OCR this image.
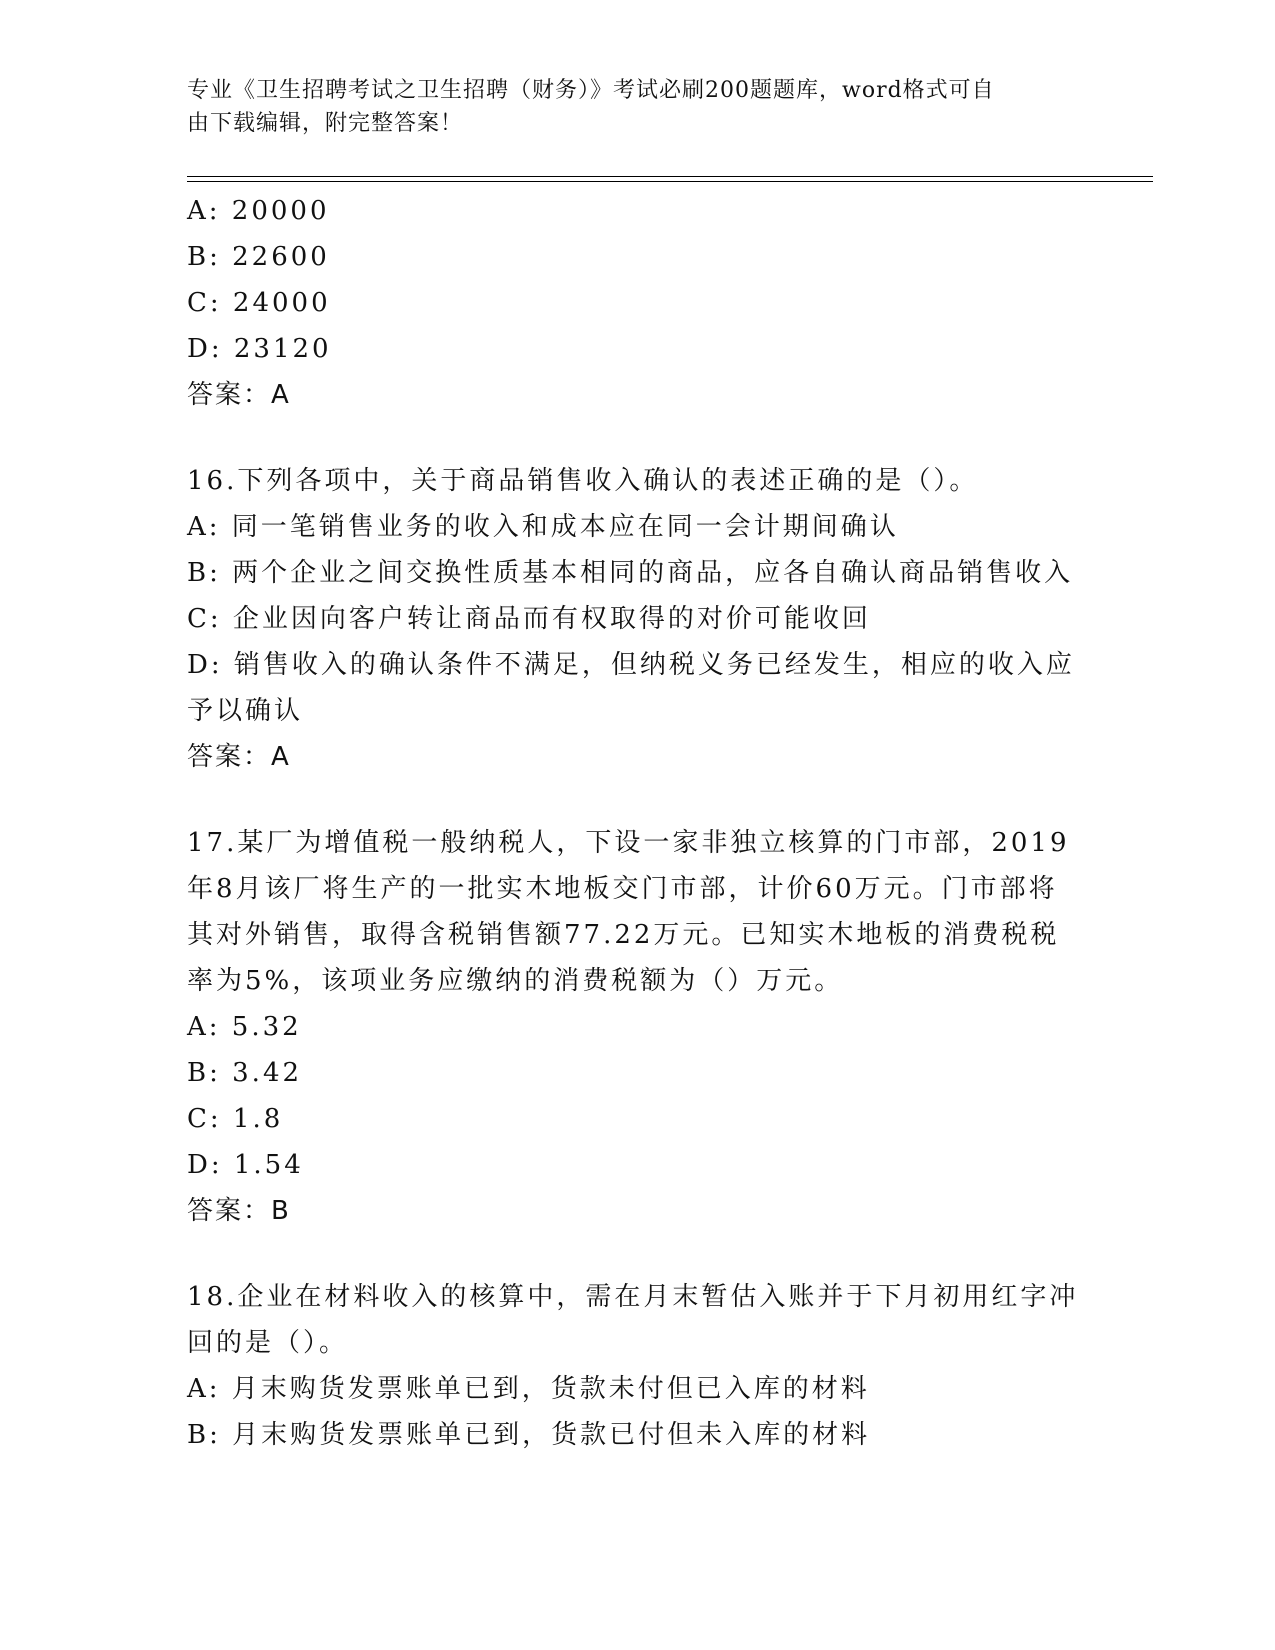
专业《卫生招聘考试之卫生招聘（财务）》考试必刷200题题库，word格式可自
由下载编辑，附完整答案！
A: 20000
B: 22600
C: 24000
D: 23120
答案：A
16.下列各项中，关于商品销售收入确认的表述正确的是（）。
A: 同一笔销售业务的收入和成本应在同一会计期间确认
B: 两个企业之间交换性质基本相同的商品，应各自确认商品销售收入
C: 企业因向客户转让商品而有权取得的对价可能收回
D: 销售收入的确认条件不满足，但纳税义务已经发生，相应的收入应
予以确认
答案：A
17.某厂为增值税一般纳税人，下设一家非独立核算的门市部，2019
年8月该厂将生产的一批实木地板交门市部，计价60万元。门市部将
其对外销售，取得含税销售额77.22万元。已知实木地板的消费税税
率为5%，该项业务应缴纳的消费税额为（）万元。
A: 5.32
B: 3.42
C: 1.8
D: 1.54
答案：B
18.企业在材料收入的核算中，需在月末暂估入账并于下月初用红字冲
回的是（）。
A: 月末购货发票账单已到，货款未付但已入库的材料
B: 月末购货发票账单已到，货款已付但未入库的材料
